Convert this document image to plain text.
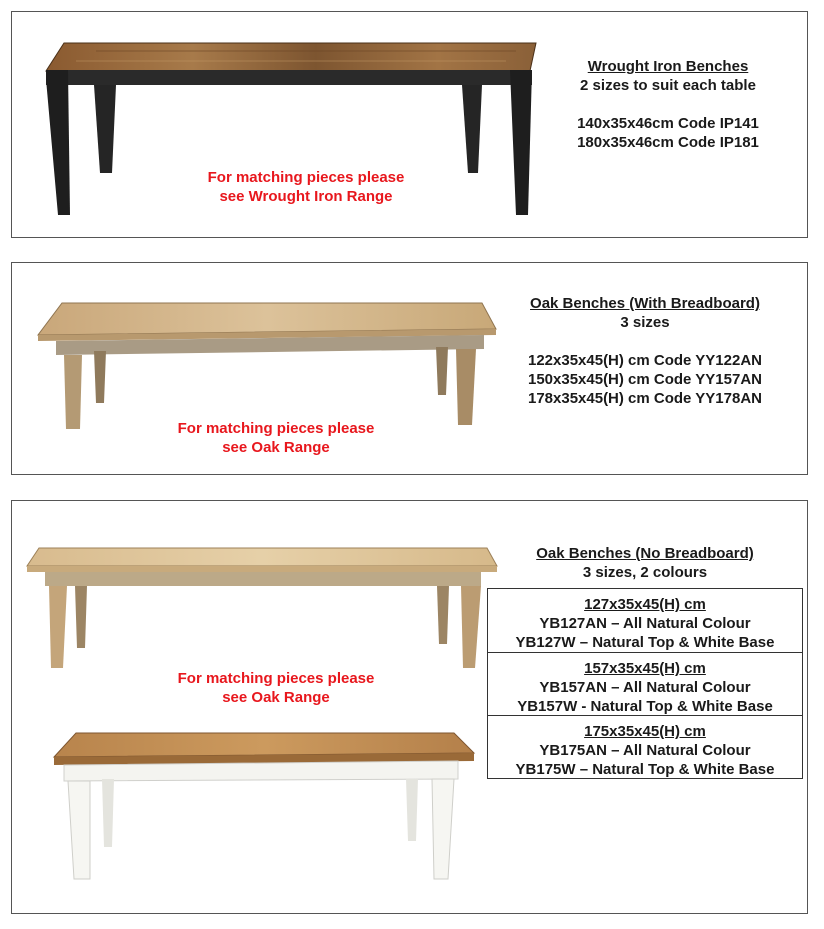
For matching pieces please
see Wrought Iron Range
Wrought Iron Benches
2 sizes to suit each table
140x35x46cm Code IP141
180x35x46cm Code IP181
For matching pieces please
see Oak Range
Oak Benches (With Breadboard)
3 sizes
122x35x45(H) cm Code YY122AN
150x35x45(H) cm Code YY157AN
178x35x45(H) cm Code YY178AN
For matching pieces please
see Oak Range
Oak Benches (No Breadboard)
3 sizes, 2 colours
127x35x45(H) cm
YB127AN – All Natural Colour
YB127W – Natural Top & White Base
157x35x45(H) cm
YB157AN – All Natural Colour
YB157W - Natural Top & White Base
175x35x45(H) cm
YB175AN – All Natural Colour
YB175W – Natural Top & White Base
